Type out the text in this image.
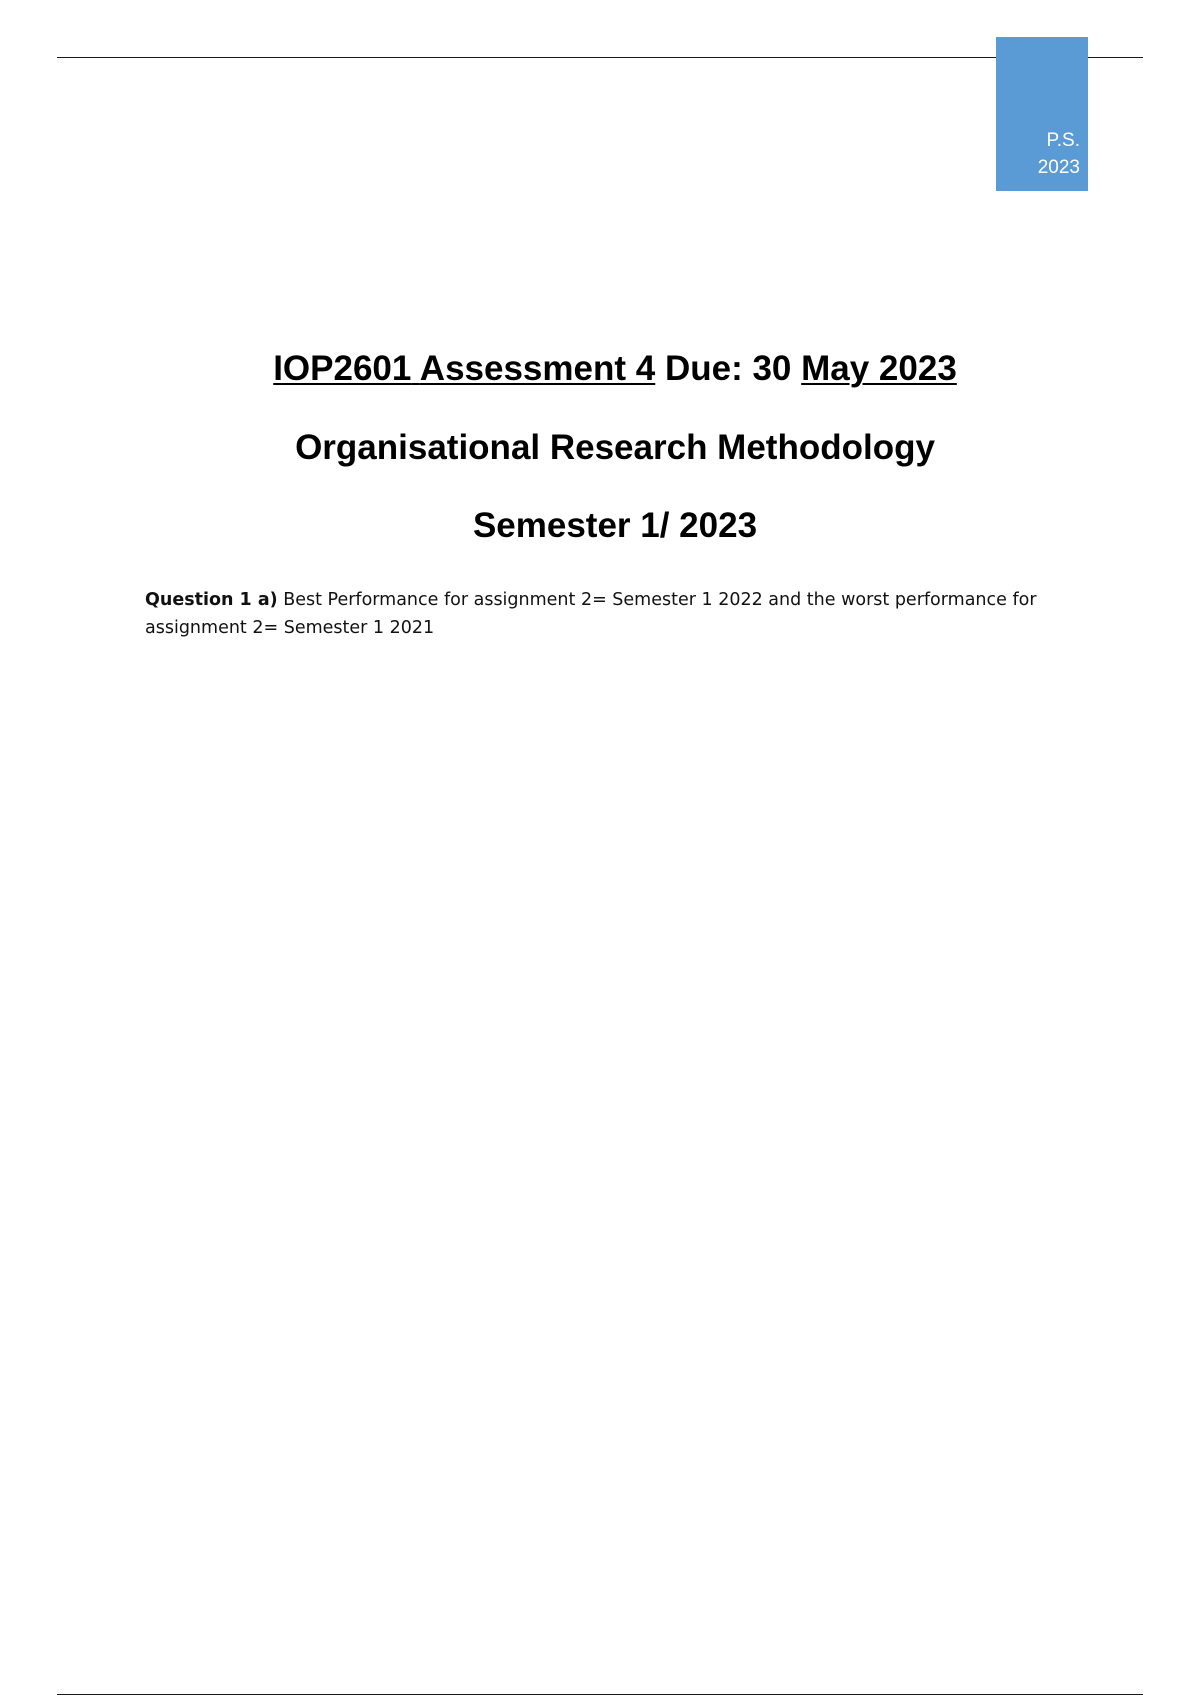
P.S.
2023
IOP2601 Assessment 4 Due: 30 May 2023
Organisational Research Methodology
Semester 1/ 2023
Question 1 a) Best Performance for assignment 2= Semester 1 2022 and the worst performance for assignment 2= Semester 1 2021
